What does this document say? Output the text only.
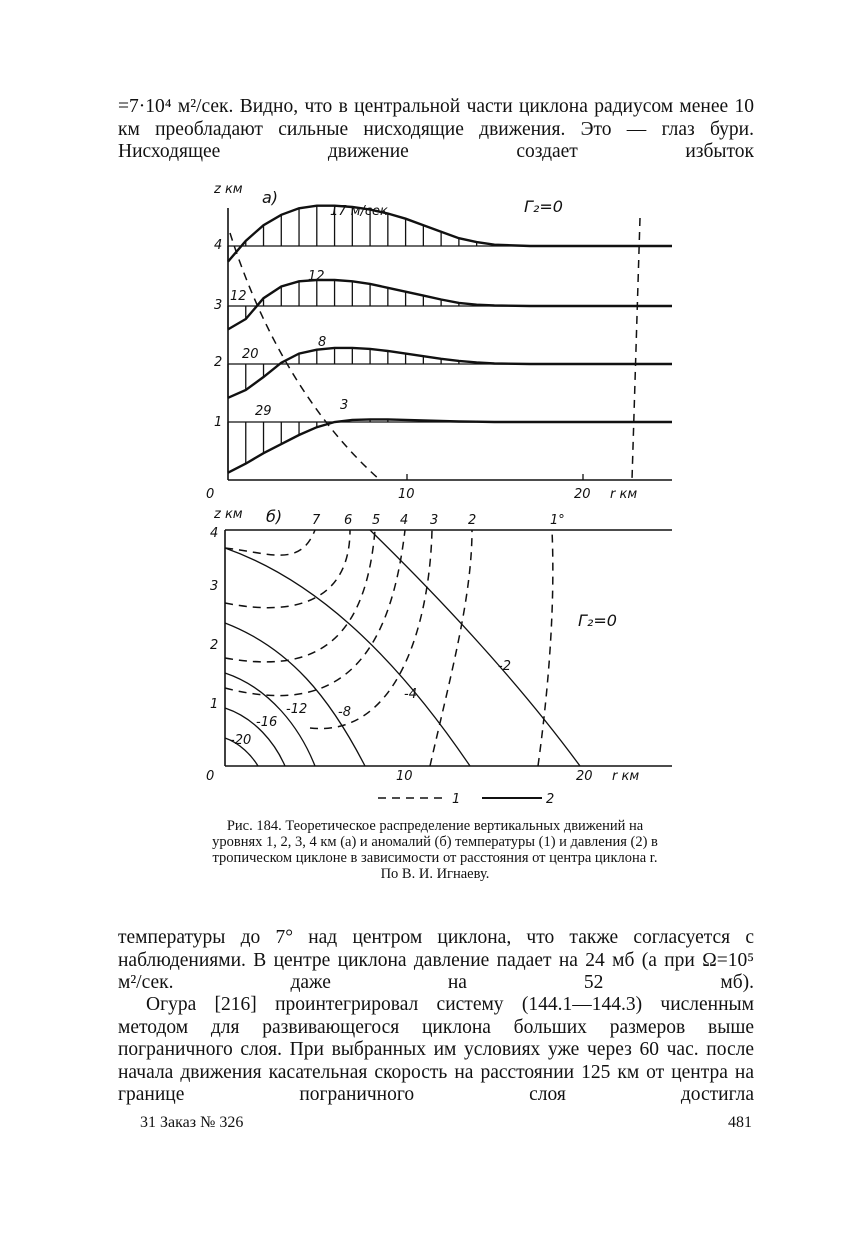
=7·10⁴ м²/сек. Видно, что в центральной части циклона радиусом менее 10 км преобладают сильные нисходящие движения. Это — глаз бури. Нисходящее движение создает избыток

z км а)	Γ₂=0
0	10	20 r км
4
3
2
1
17 м/сек.
12
12
8
20
3
29
z км б)
Γ₂=0
4
3
2
1
0	10	20 r км
7 6 5 4 3 2	1°
-2
-4
-8
-12
-16
-20
1	2

Рис. 184. Теоретическое распределение вертикальных движений на уровнях 1, 2, 3, 4 км (а) и аномалий (б) температуры (1) и давления (2) в тропическом циклоне в зависимости от расстояния от центра циклона r.

По В. И. Игнаеву.

температуры до 7° над центром циклона, что также согласуется с наблюдениями. В центре циклона давление падает на 24 мб (а при Ω=10⁵ м²/сек. даже на 52 мб).

Огура [216] проинтегрировал систему (144.1—144.3) численным методом для развивающегося циклона больших размеров выше пограничного слоя. При выбранных им условиях уже через 60 час. после начала движения касательная скорость на расстоянии 125 км от центра на границе пограничного слоя достигла

31 Заказ № 326	481
